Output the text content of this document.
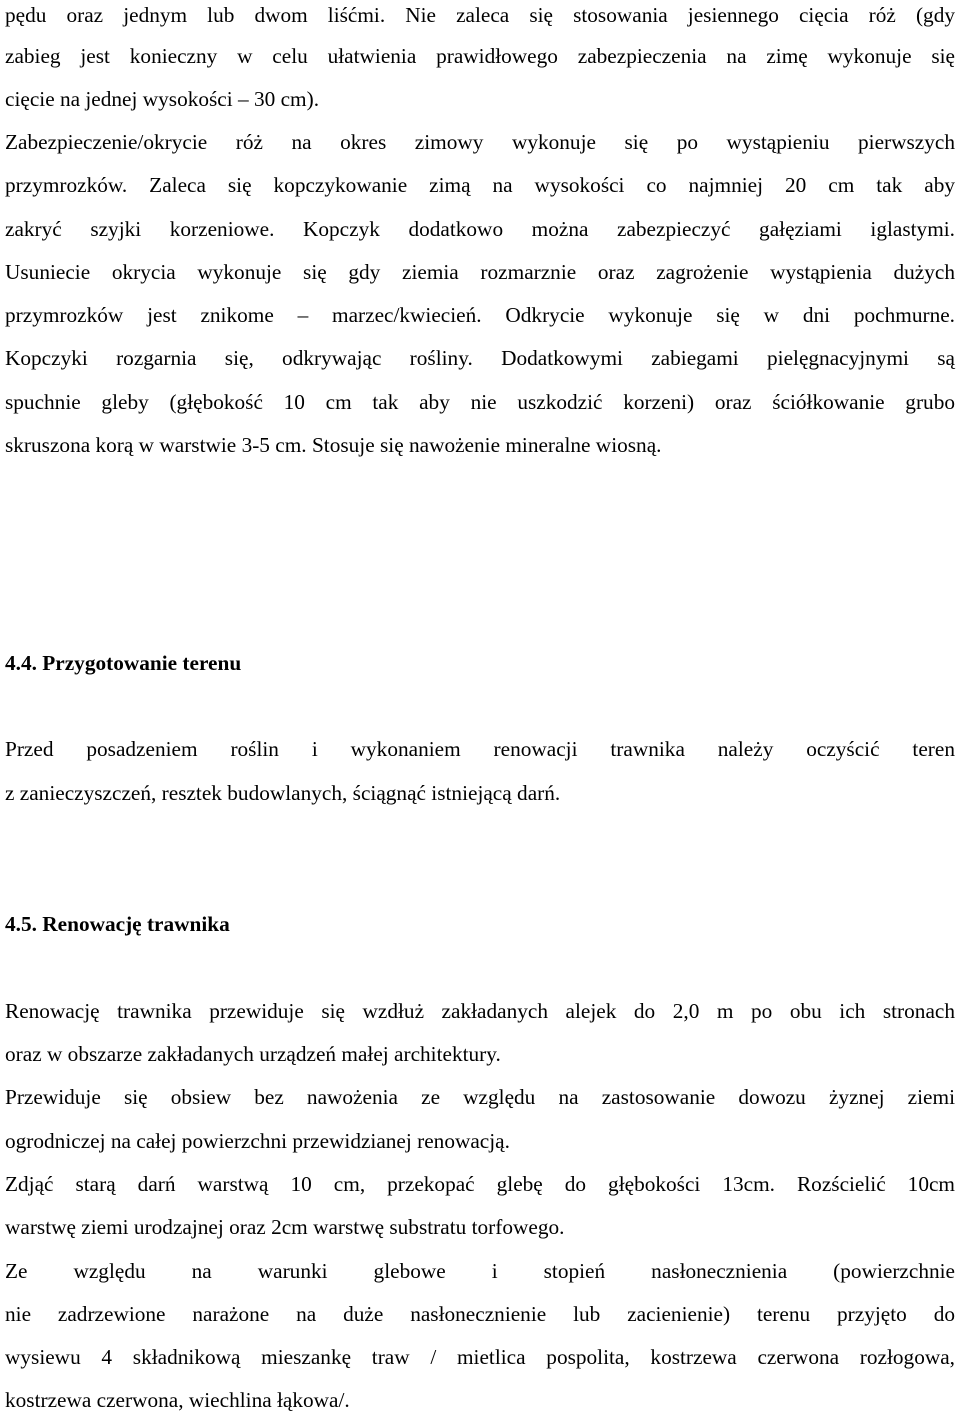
pędu oraz jednym lub dwom liśćmi. Nie zaleca się stosowania jesiennego cięcia róż (gdy
zabieg jest konieczny w celu ułatwienia prawidłowego zabezpieczenia na zimę wykonuje się
cięcie na jednej wysokości – 30 cm).
Zabezpieczenie/okrycie róż na okres zimowy wykonuje się po wystąpieniu pierwszych
przymrozków. Zaleca się kopczykowanie zimą na wysokości co najmniej 20 cm tak aby
zakryć szyjki korzeniowe. Kopczyk dodatkowo można zabezpieczyć gałęziami iglastymi.
Usuniecie okrycia wykonuje się gdy ziemia rozmarznie oraz zagrożenie wystąpienia dużych
przymrozków jest znikome – marzec/kwiecień. Odkrycie wykonuje się w dni pochmurne.
Kopczyki rozgarnia się, odkrywając rośliny. Dodatkowymi zabiegami pielęgnacyjnymi są
spuchnie gleby (głębokość 10 cm tak aby nie uszkodzić korzeni) oraz ściółkowanie grubo
skruszona korą w warstwie 3-5 cm. Stosuje się nawożenie mineralne wiosną.
4.4. Przygotowanie terenu
Przed posadzeniem roślin i wykonaniem renowacji trawnika należy oczyścić teren
z zanieczyszczeń, resztek budowlanych, ściągnąć istniejącą darń.
4.5. Renowację trawnika
Renowację trawnika przewiduje się wzdłuż zakładanych alejek do 2,0 m po obu ich stronach
oraz w obszarze zakładanych urządzeń małej architektury.
Przewiduje się obsiew bez nawożenia ze względu na zastosowanie dowozu żyznej ziemi
ogrodniczej na całej powierzchni przewidzianej renowacją.
Zdjąć starą darń warstwą 10 cm, przekopać glebę do głębokości 13cm. Rozścielić 10cm
warstwę ziemi urodzajnej oraz 2cm warstwę substratu torfowego.
Ze względu na warunki glebowe i stopień nasłonecznienia (powierzchnie
nie zadrzewione narażone na duże nasłonecznienie lub zacienienie) terenu przyjęto do
wysiewu 4 składnikową mieszankę traw / mietlica pospolita, kostrzewa czerwona rozłogowa,
kostrzewa czerwona, wiechlina łąkowa/.
